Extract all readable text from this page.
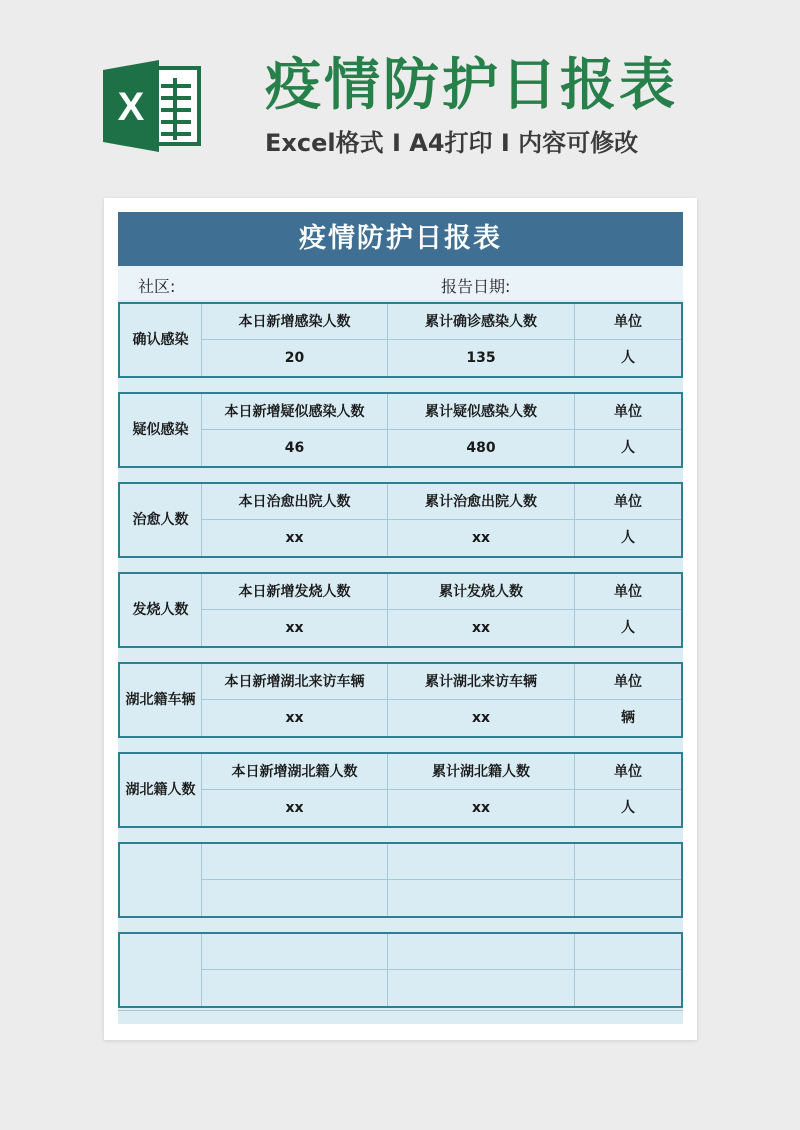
X 疫情防护日报表
Excel格式 I A4打印 I 内容可修改
疫情防护日报表
社区:	报告日期:
确认感染
本日新增感染人数	累计确诊感染人数	单位
20	135	人
疑似感染
本日新增疑似感染人数	累计疑似感染人数	单位
46	480	人
治愈人数
本日治愈出院人数	累计治愈出院人数	单位
xx	xx	人
发烧人数
本日新增发烧人数	累计发烧人数	单位
xx	xx	人
湖北籍车辆
本日新增湖北来访车辆	累计湖北来访车辆	单位
xx	xx	辆
湖北籍人数
本日新增湖北籍人数	累计湖北籍人数	单位
xx	xx	人
